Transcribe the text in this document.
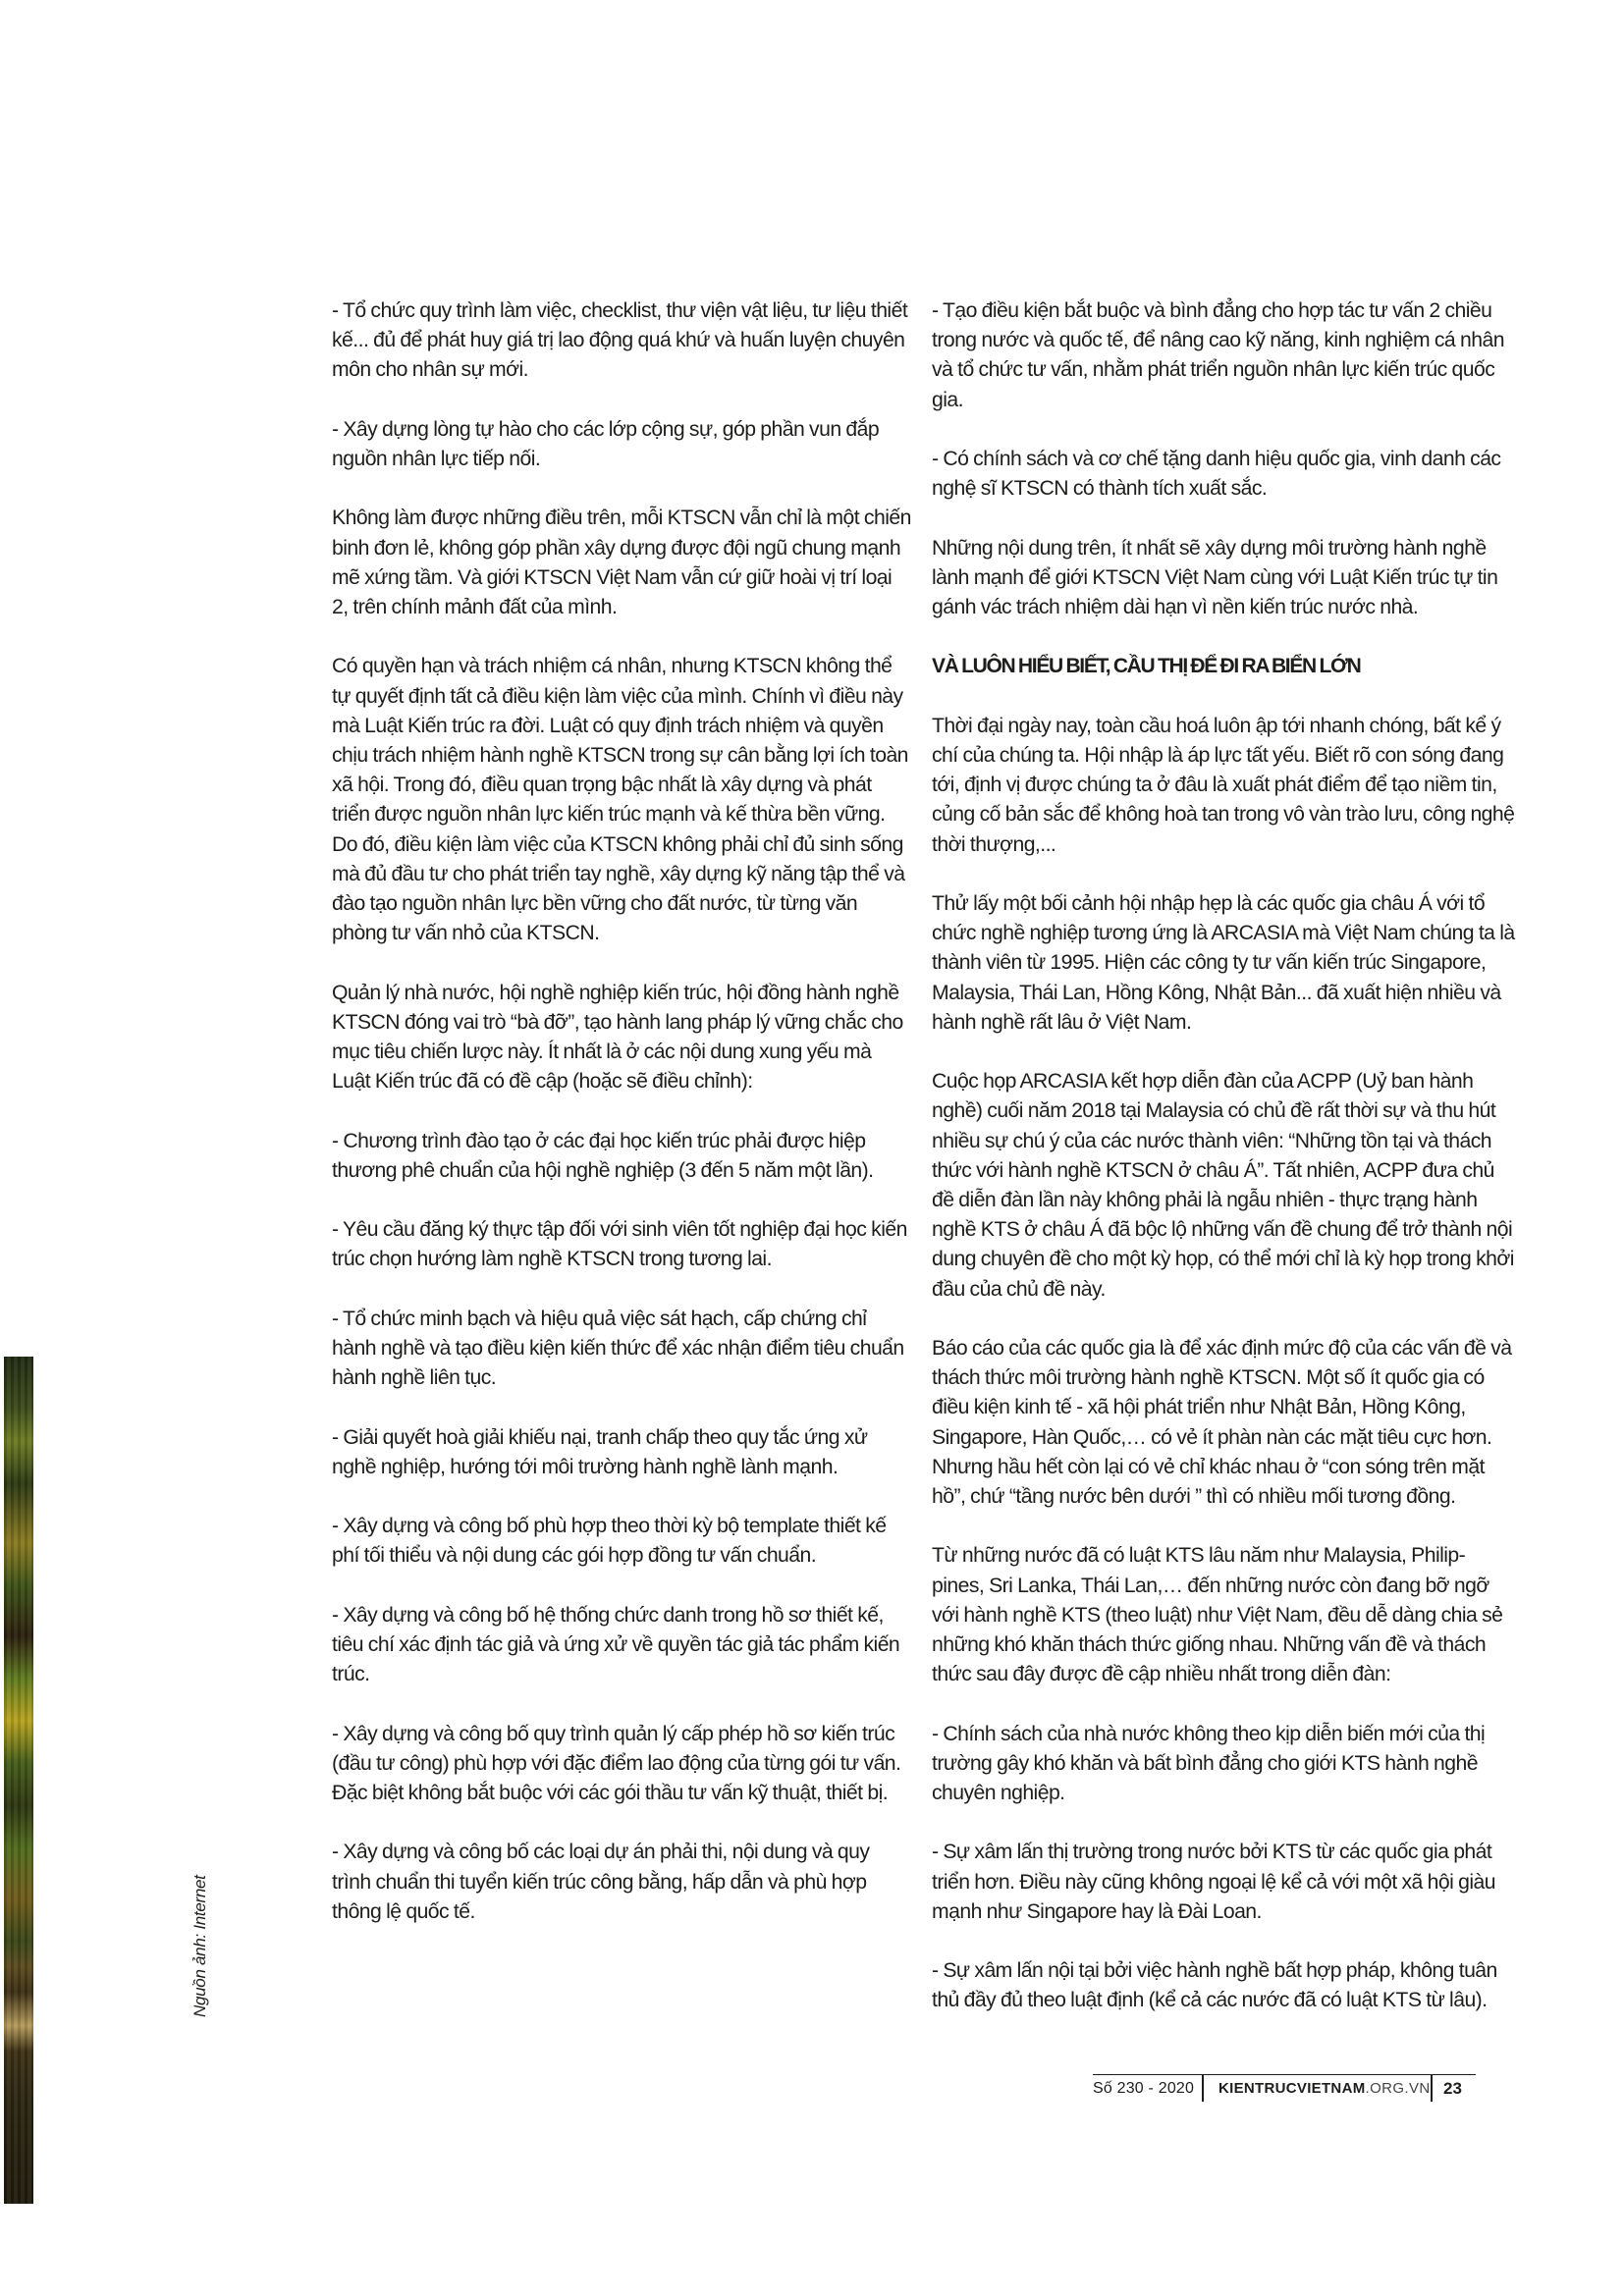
Nguồn ảnh: Internet

- Tổ chức quy trình làm việc, checklist, thư viện vật liệu, tư liệu thiết kế... đủ để phát huy giá trị lao động quá khứ và huấn luyện chuyên môn cho nhân sự mới.

- Xây dựng lòng tự hào cho các lớp cộng sự, góp phần vun đắp nguồn nhân lực tiếp nối.

Không làm được những điều trên, mỗi KTSCN vẫn chỉ là một chiến binh đơn lẻ, không góp phần xây dựng được đội ngũ chung mạnh mẽ xứng tầm. Và giới KTSCN Việt Nam vẫn cứ giữ hoài vị trí loại 2, trên chính mảnh đất của mình.

Có quyền hạn và trách nhiệm cá nhân, nhưng KTSCN không thể tự quyết định tất cả điều kiện làm việc của mình. Chính vì điều này mà Luật Kiến trúc ra đời. Luật có quy định trách nhiệm và quyền chịu trách nhiệm hành nghề KTSCN trong sự cân bằng lợi ích toàn xã hội. Trong đó, điều quan trọng bậc nhất là xây dựng và phát triển được nguồn nhân lực kiến trúc mạnh và kế thừa bền vững. Do đó, điều kiện làm việc của KTSCN không phải chỉ đủ sinh sống mà đủ đầu tư cho phát triển tay nghề, xây dựng kỹ năng tập thể và đào tạo nguồn nhân lực bền vững cho đất nước, từ từng văn phòng tư vấn nhỏ của KTSCN.

Quản lý nhà nước, hội nghề nghiệp kiến trúc, hội đồng hành nghề KTSCN đóng vai trò “bà đỡ”, tạo hành lang pháp lý vững chắc cho mục tiêu chiến lược này. Ít nhất là ở các nội dung xung yếu mà Luật Kiến trúc đã có đề cập (hoặc sẽ điều chỉnh):

- Chương trình đào tạo ở các đại học kiến trúc phải được hiệp thương phê chuẩn của hội nghề nghiệp (3 đến 5 năm một lần).

- Yêu cầu đăng ký thực tập đối với sinh viên tốt nghiệp đại học kiến trúc chọn hướng làm nghề KTSCN trong tương lai.

- Tổ chức minh bạch và hiệu quả việc sát hạch, cấp chứng chỉ hành nghề và tạo điều kiện kiến thức để xác nhận điểm tiêu chuẩn hành nghề liên tục.

- Giải quyết hoà giải khiếu nại, tranh chấp theo quy tắc ứng xử nghề nghiệp, hướng tới môi trường hành nghề lành mạnh.

- Xây dựng và công bố phù hợp theo thời kỳ bộ template thiết kế phí tối thiểu và nội dung các gói hợp đồng tư vấn chuẩn.

- Xây dựng và công bố hệ thống chức danh trong hồ sơ thiết kế, tiêu chí xác định tác giả và ứng xử về quyền tác giả tác phẩm kiến trúc.

- Xây dựng và công bố quy trình quản lý cấp phép hồ sơ kiến trúc (đầu tư công) phù hợp với đặc điểm lao động của từng gói tư vấn. Đặc biệt không bắt buộc với các gói thầu tư vấn kỹ thuật, thiết bị.

- Xây dựng và công bố các loại dự án phải thi, nội dung và quy trình chuẩn thi tuyển kiến trúc công bằng, hấp dẫn và phù hợp thông lệ quốc tế.

- Tạo điều kiện bắt buộc và bình đẳng cho hợp tác tư vấn 2 chiều trong nước và quốc tế, để nâng cao kỹ năng, kinh nghiệm cá nhân và tổ chức tư vấn, nhằm phát triển nguồn nhân lực kiến trúc quốc gia.

- Có chính sách và cơ chế tặng danh hiệu quốc gia, vinh danh các nghệ sĩ KTSCN có thành tích xuất sắc.

Những nội dung trên, ít nhất sẽ xây dựng môi trường hành nghề lành mạnh để giới KTSCN Việt Nam cùng với Luật Kiến trúc tự tin gánh vác trách nhiệm dài hạn vì nền kiến trúc nước nhà.

VÀ LUÔN HIỂU BIẾT, CẦU THỊ ĐỂ ĐI RA BIỂN LỚN

Thời đại ngày nay, toàn cầu hoá luôn ập tới nhanh chóng, bất kể ý chí của chúng ta. Hội nhập là áp lực tất yếu. Biết rõ con sóng đang tới, định vị được chúng ta ở đâu là xuất phát điểm để tạo niềm tin, củng cố bản sắc để không hoà tan trong vô vàn trào lưu, công nghệ thời thượng,...

Thử lấy một bối cảnh hội nhập hẹp là các quốc gia châu Á với tổ chức nghề nghiệp tương ứng là ARCASIA mà Việt Nam chúng ta là thành viên từ 1995. Hiện các công ty tư vấn kiến trúc Singapore, Malaysia, Thái Lan, Hồng Kông, Nhật Bản... đã xuất hiện nhiều và hành nghề rất lâu ở Việt Nam.

Cuộc họp ARCASIA kết hợp diễn đàn của ACPP (Uỷ ban hành nghề) cuối năm 2018 tại Malaysia có chủ đề rất thời sự và thu hút nhiều sự chú ý của các nước thành viên: “Những tồn tại và thách thức với hành nghề KTSCN ở châu Á”. Tất nhiên, ACPP đưa chủ đề diễn đàn lần này không phải là ngẫu nhiên - thực trạng hành nghề KTS ở châu Á đã bộc lộ những vấn đề chung để trở thành nội dung chuyên đề cho một kỳ họp, có thể mới chỉ là kỳ họp trong khởi đầu của chủ đề này.

Báo cáo của các quốc gia là để xác định mức độ của các vấn đề và thách thức môi trường hành nghề KTSCN. Một số ít quốc gia có điều kiện kinh tế - xã hội phát triển như Nhật Bản, Hồng Kông, Singapore, Hàn Quốc,… có vẻ ít phàn nàn các mặt tiêu cực hơn. Nhưng hầu hết còn lại có vẻ chỉ khác nhau ở “con sóng trên mặt hồ”, chứ “tầng nước bên dưới ” thì có nhiều mối tương đồng.

Từ những nước đã có luật KTS lâu năm như Malaysia, Philip-pines, Sri Lanka, Thái Lan,… đến những nước còn đang bỡ ngỡ với hành nghề KTS (theo luật) như Việt Nam, đều dễ dàng chia sẻ những khó khăn thách thức giống nhau. Những vấn đề và thách thức sau đây được đề cập nhiều nhất trong diễn đàn:

- Chính sách của nhà nước không theo kịp diễn biến mới của thị trường gây khó khăn và bất bình đẳng cho giới KTS hành nghề chuyên nghiệp.

- Sự xâm lấn thị trường trong nước bởi KTS từ các quốc gia phát triển hơn. Điều này cũng không ngoại lệ kể cả với một xã hội giàu mạnh như Singapore hay là Đài Loan.

- Sự xâm lấn nội tại bởi việc hành nghề bất hợp pháp, không tuân thủ đầy đủ theo luật định (kể cả các nước đã có luật KTS từ lâu).

Số 230 - 2020 KIENTRUCVIETNAM.ORG.VN 23
